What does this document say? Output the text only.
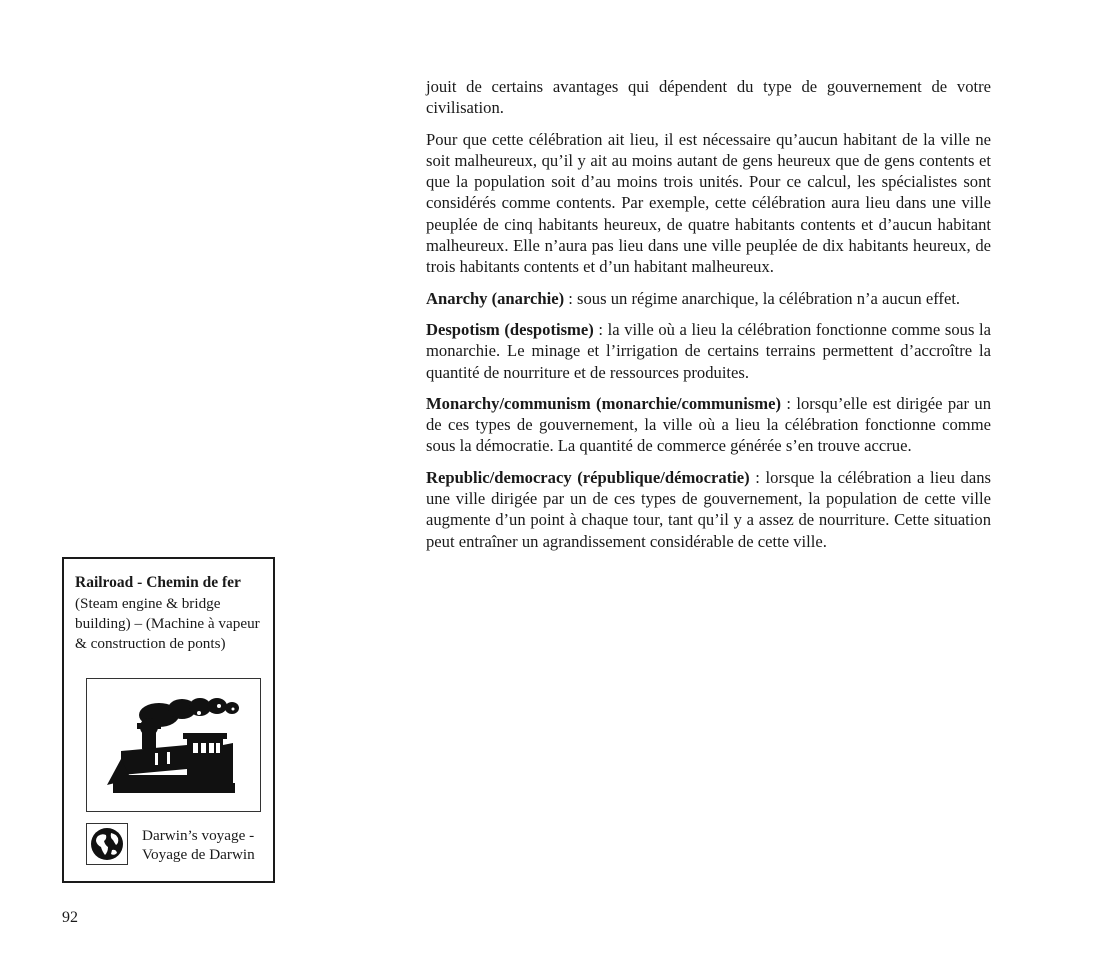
jouit de certains avantages qui dépendent du type de gouvernement de votre civilisation.

Pour que cette célébration ait lieu, il est nécessaire qu’aucun habitant de la ville ne soit malheureux, qu’il y ait au moins autant de gens heureux que de gens contents et que la population soit d’au moins trois unités. Pour ce calcul, les spécialistes sont considérés comme contents. Par exemple, cette célébration aura lieu dans une ville peuplée de cinq habitants heureux, de quatre habitants contents et d’aucun habitant malheureux. Elle n’aura pas lieu dans une ville peuplée de dix habitants heureux, de trois habitants contents et d’un habitant malheureux.

Anarchy (anarchie) : sous un régime anarchique, la célébration n’a aucun effet.

Despotism (despotisme) : la ville où a lieu la célébration fonctionne comme sous la monarchie. Le minage et l’irrigation de certains terrains permettent d’accroître la quantité de nourriture et de ressources produites.

Monarchy/communism (monarchie/communisme) : lorsqu’elle est dirigée par un de ces types de gouvernement, la ville où a lieu la célébration fonctionne comme sous la démocratie. La quantité de commerce générée s’en trouve accrue.

Republic/democracy (république/démocratie) : lorsque la célébration a lieu dans une ville dirigée par un de ces types de gouvernement, la population de cette ville augmente d’un point à chaque tour, tant qu’il y a assez de nourriture. Cette situation peut entraîner un agrandissement considérable de cette ville.

Railroad - Chemin de fer
(Steam engine & bridge building) – (Machine à vapeur & construction de ponts)
Darwin’s voyage -
Voyage de Darwin
92
